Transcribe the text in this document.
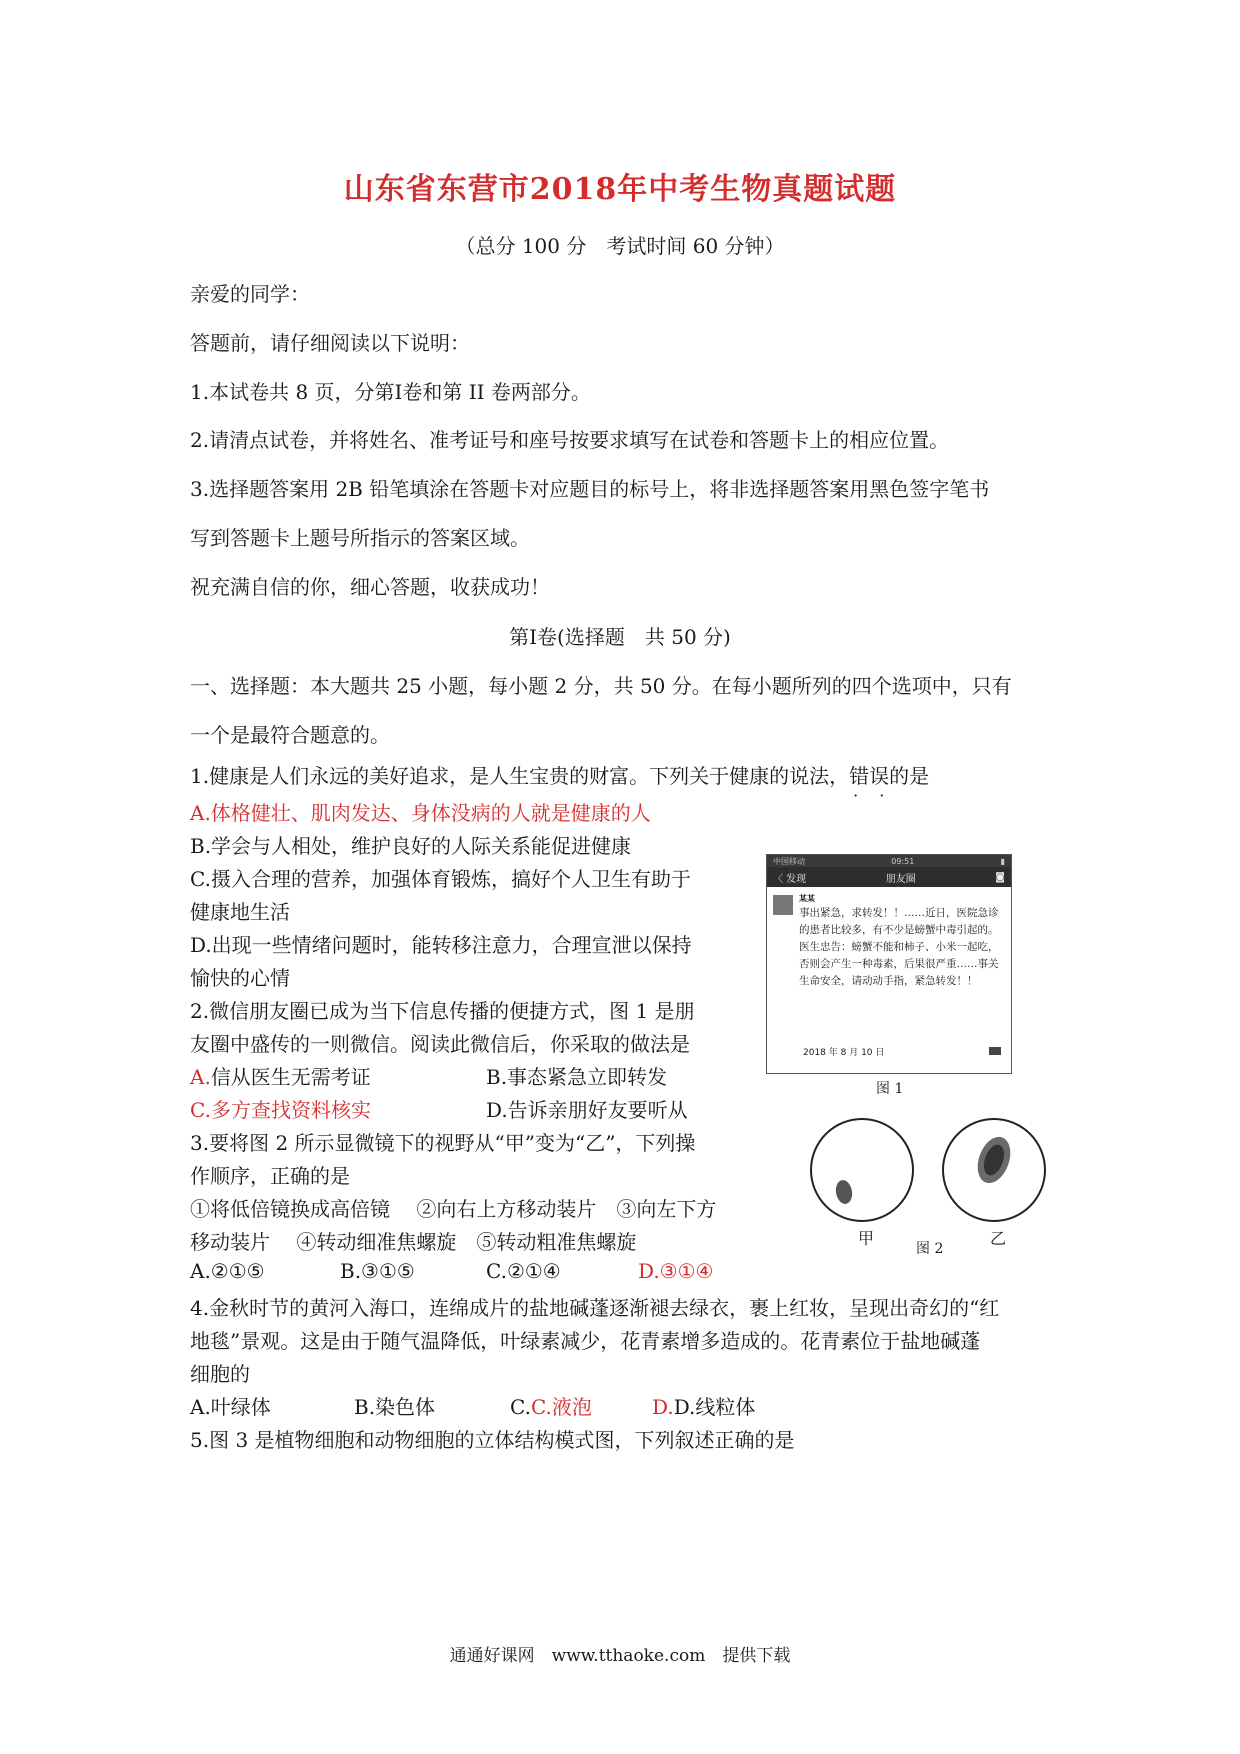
山东省东营市2018年中考生物真题试题
（总分 100 分　考试时间 60 分钟）
亲爱的同学：
答题前，请仔细阅读以下说明：
1.本试卷共 8 页，分第Ⅰ卷和第 II 卷两部分。
2.请清点试卷，并将姓名、准考证号和座号按要求填写在试卷和答题卡上的相应位置。
3.选择题答案用 2B 铅笔填涂在答题卡对应题目的标号上，将非选择题答案用黑色签字笔书
写到答题卡上题号所指示的答案区域。
祝充满自信的你，细心答题，收获成功！
第Ⅰ卷(选择题　共 50 分)
一、选择题：本大题共 25 小题，每小题 2 分，共 50 分。在每小题所列的四个选项中，只有
一个是最符合题意的。
1.健康是人们永远的美好追求，是人生宝贵的财富。下列关于健康的说法，错误 · ·的是
A.体格健壮、肌肉发达、身体没病的人就是健康的人
B.学会与人相处，维护良好的人际关系能促进健康
C.摄入合理的营养，加强体育锻炼，搞好个人卫生有助于
健康地生活
D.出现一些情绪问题时，能转移注意力，合理宣泄以保持
愉快的心情
2.微信朋友圈已成为当下信息传播的便捷方式，图 1 是朋
友圈中盛传的一则微信。阅读此微信后，你采取的做法是
A.信从医生无需考证	B.事态紧急立即转发
C.多方查找资料核实	D.告诉亲朋好友要听从
中国移动	09:51	▮
〈 发现	朋友圈	◙
某某
事出紧急，求转发！！……近日，医院急诊的患者比较多，有不少是螃蟹中毒引起的。医生忠告：螃蟹不能和柿子、小米一起吃，否则会产生一种毒素，后果很严重……事关生命安全，请动动手指，紧急转发！！
2018 年 8 月 10 日
图 1
3.要将图 2 所示显微镜下的视野从“甲”变为“乙”，下列操
作顺序，正确的是
①将低倍镜换成高倍镜　 ②向右上方移动装片　③向左下方
移动装片　 ④转动细准焦螺旋　⑤转动粗准焦螺旋
A.②①⑤	B.③①⑤	C.②①④	D.③①④
甲
图 2
乙
4.金秋时节的黄河入海口，连绵成片的盐地碱蓬逐渐褪去绿衣，裹上红妆，呈现出奇幻的“红
地毯”景观。这是由于随气温降低，叶绿素减少，花青素增多造成的。花青素位于盐地碱蓬
细胞的
A.叶绿体	B.染色体	C.C.液泡	D.D.线粒体
5.图 3 是植物细胞和动物细胞的立体结构模式图，下列叙述正确的是
通通好课网　www.tthaoke.com　提供下载
